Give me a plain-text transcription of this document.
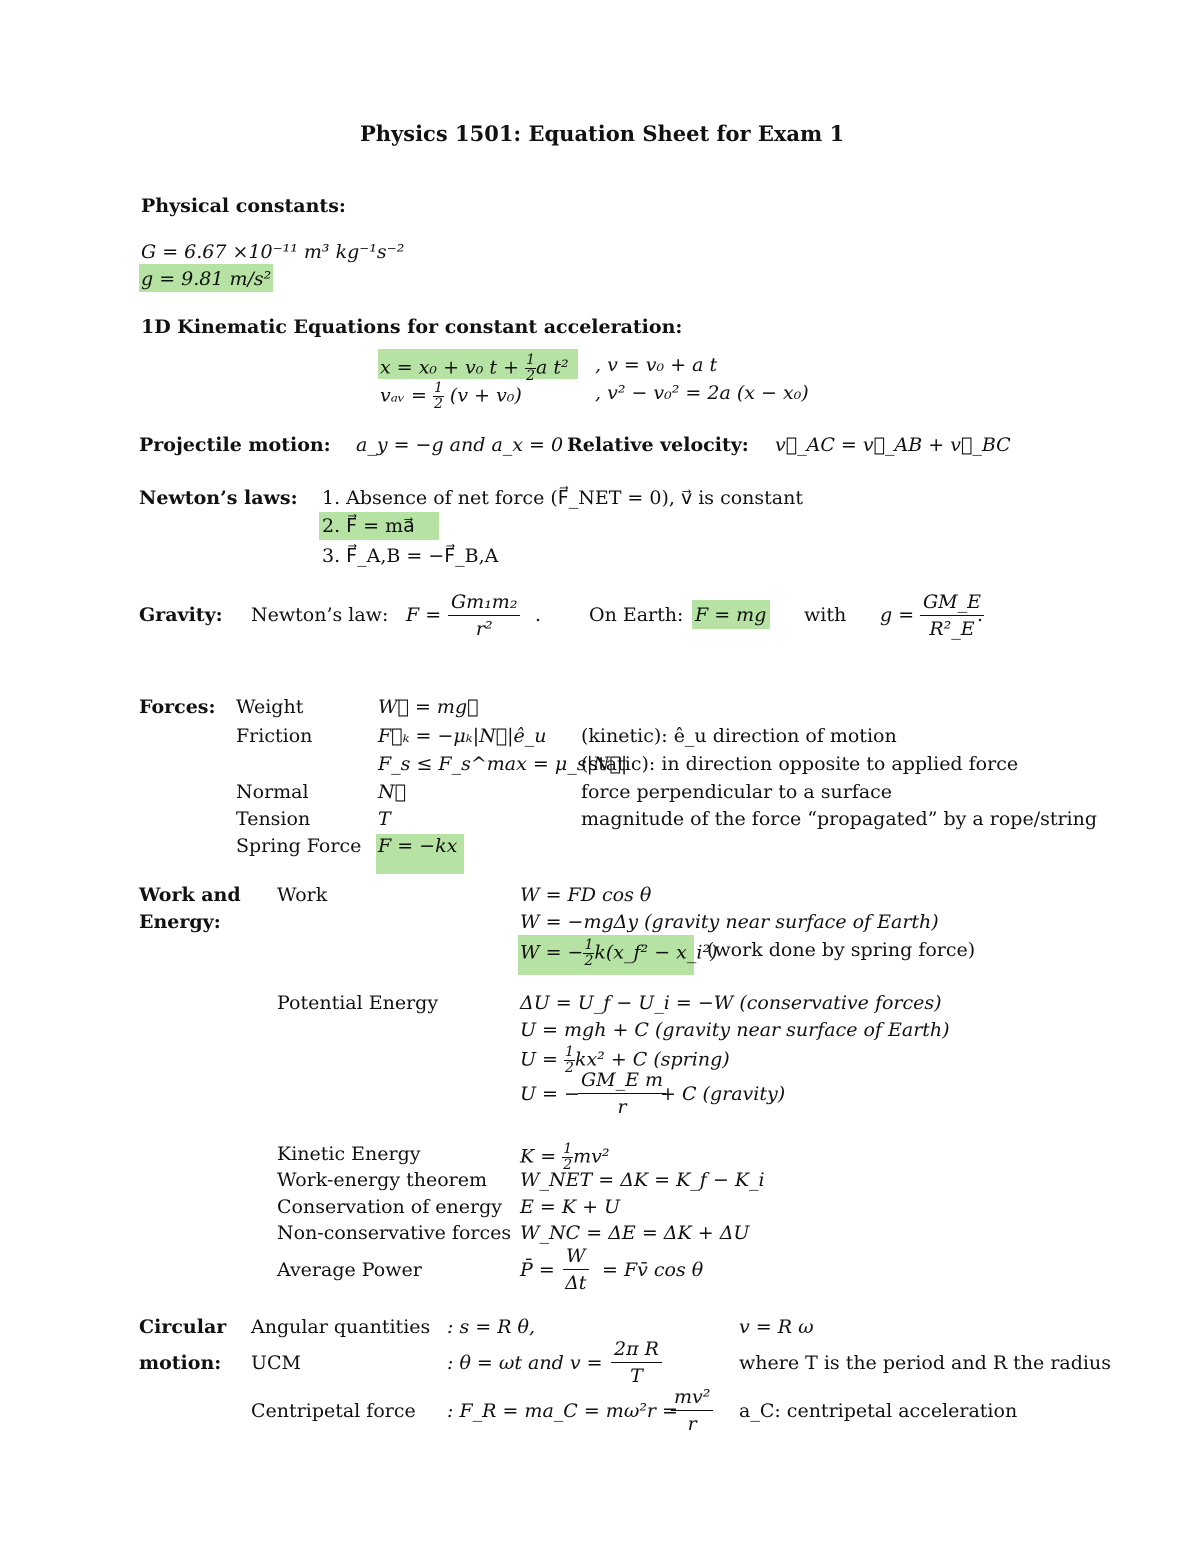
Physics 1501: Equation Sheet for Exam 1
Physical constants:
G = 6.67 ×10⁻¹¹ m³ kg⁻¹s⁻²
g = 9.81 m/s²
1D Kinematic Equations for constant acceleration:
x = x₀ + v₀ $t + \frac{1}{2}$ a t² , v = v₀ + a t
vₐᵥ = $\frac{1}{2} (v + v_0)$	, v² − v₀² = 2a (x − x₀)
Projectile motion: a_y = −g and a_x = 0 Relative velocity: v⃗_AC = v⃗_AB + v⃗_BC
Newton’s laws: 1. Absence of net force (F⃗_NET = 0), v⃗ is constant
2. F⃗ = ma⃗
3. F⃗_A,B = −F⃗_B,A
Gravity: Newton’s law: $F = \frac{\text{Gm₁m₂}}{\text{r²}}$ .	On Earth: F = mg with $g = \frac{GM\_E}{\text{R²\_E}}$
.
Forces: Weight	W⃗ = mg⃗
Friction	F⃗ₖ = −μₖ|N⃗|ê_u (kinetic): ê_u direction of motion
F_s ≤ F_s^max = μ_s|N⃗|
(static): in direction opposite to applied force
Normal	N⃗	force perpendicular to a surface
Tension	T	magnitude of the force “propagated” by a rope/string
Spring Force F = −kx
Work and
Energy:
Work	W = FD cos θ
W = −mgΔy (gravity near surface of Earth)
W = − $\frac{1}{2}$ k(x_f² − x_i²)
(work done by spring force)
Potential Energy	ΔU = U_f − U_i = −W (conservative forces)
U = mgh + C (gravity near surface of Earth)
$U = \frac{1}{2} kx^2 + C$ (spring)
U = −
$\frac{\text{GM\_E m}}{r}$
+ C (gravity)
Kinetic Energy	$K = \frac{1}{2} mv^2$
Work-energy theorem W_NET = ΔK = K_f − K_i
Conservation of energy E = K + U
Non-conservative forces W_NC = ΔE = ΔK + ΔU
Average Power	P̄ = $\frac{W}{\Delta t}$ = Fv̄ cos θ
Circular
motion:
Angular quantities : s = R θ,	v = R ω
UCM	: θ = ωt and $v = \frac{\text{2π R}}{T}$	where T is the period and R the radius
Centripetal force : F_R = ma_C = mω²r =
$\frac{\text{mv²}}{r}$ a_C: centripetal acceleration
